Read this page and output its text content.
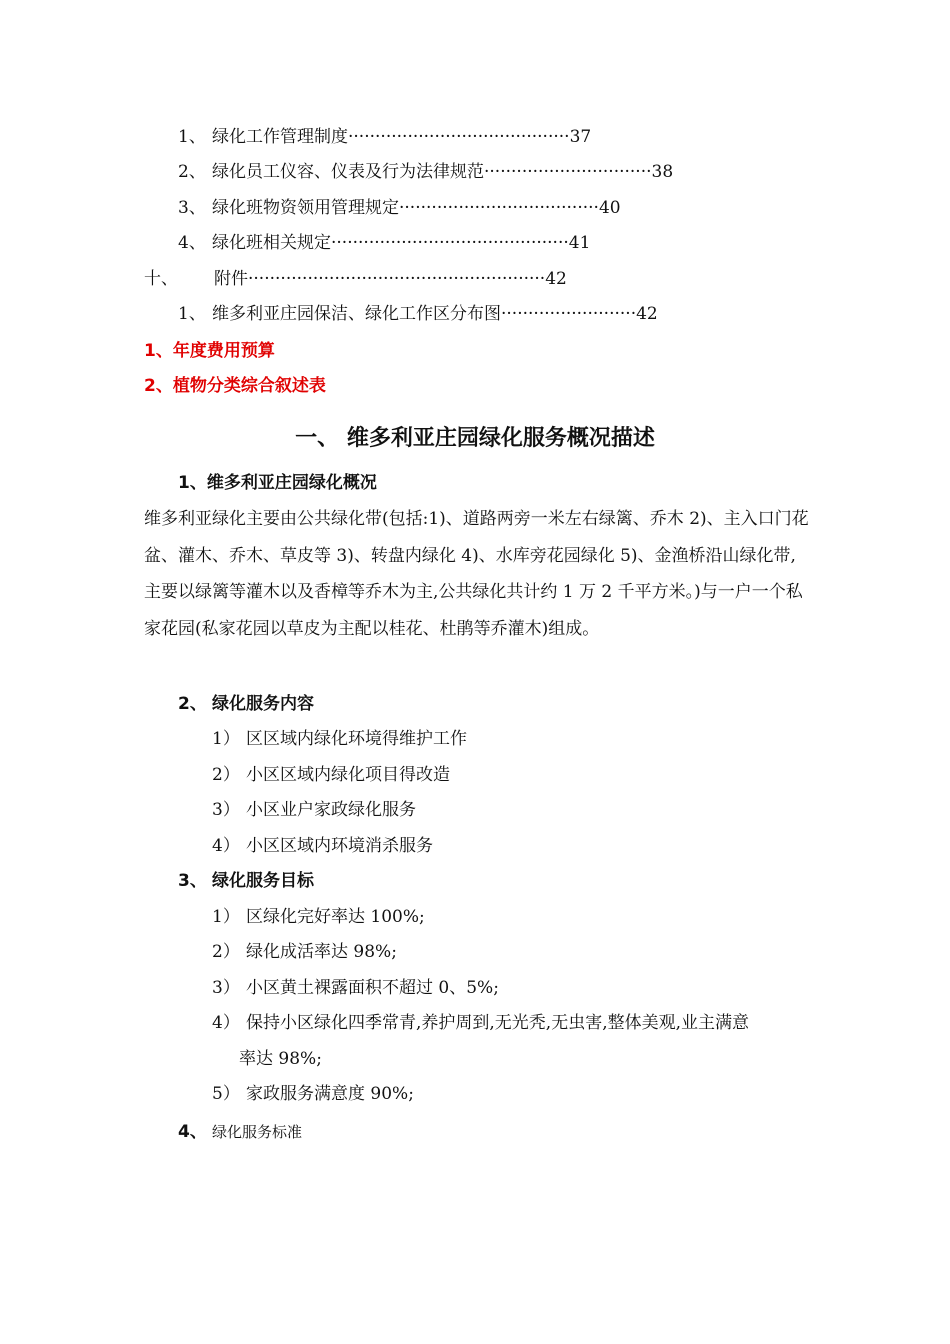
1、 绿化工作管理制度·········································37
2、 绿化员工仪容、仪表及行为法律规范·······························38
3、 绿化班物资领用管理规定·····································40
4、 绿化班相关规定············································41
十、 附件·······················································42
1、 维多利亚庄园保洁、绿化工作区分布图·························42
1、年度费用预算
2、植物分类综合叙述表
一、 维多利亚庄园绿化服务概况描述
1、维多利亚庄园绿化概况
维多利亚绿化主要由公共绿化带(包括:1)、道路两旁一米左右绿篱、乔木 2)、主入口门花盆、灌木、乔木、草皮等 3)、转盘内绿化 4)、水库旁花园绿化 5)、金渔桥沿山绿化带,主要以绿篱等灌木以及香樟等乔木为主,公共绿化共计约 1 万 2 千平方米。)与一户一个私家花园(私家花园以草皮为主配以桂花、杜鹃等乔灌木)组成。
2、 绿化服务内容
1） 区区域内绿化环境得维护工作
2） 小区区域内绿化项目得改造
3） 小区业户家政绿化服务
4） 小区区域内环境消杀服务
3、 绿化服务目标
1） 区绿化完好率达 100%;
2） 绿化成活率达 98%;
3） 小区黄土裸露面积不超过 0、5%;
4） 保持小区绿化四季常青,养护周到,无光秃,无虫害,整体美观,业主满意
率达 98%;
5） 家政服务满意度 90%;
4、 绿化服务标准
